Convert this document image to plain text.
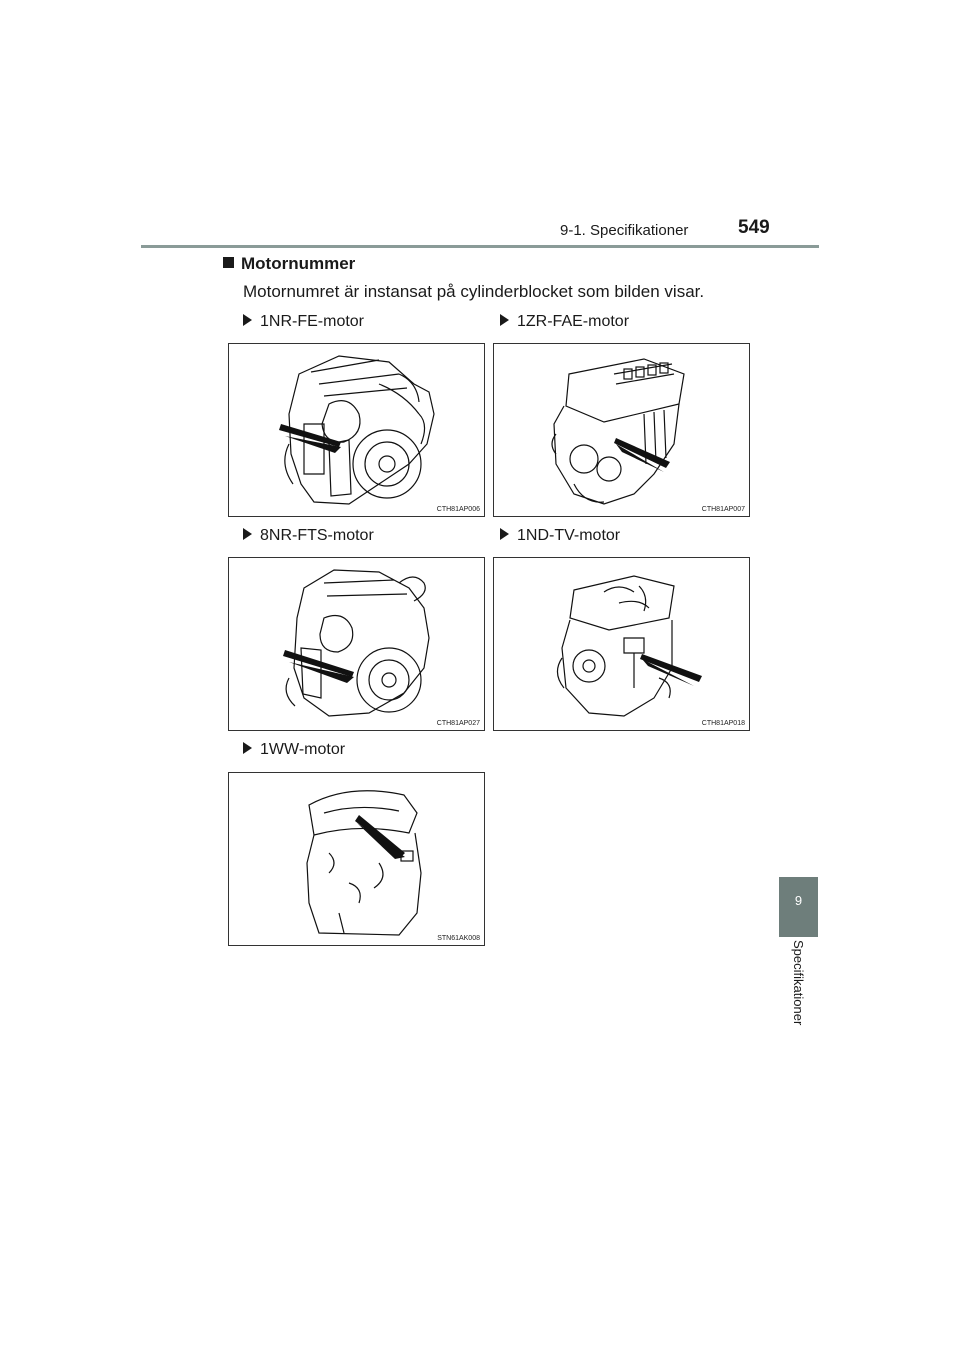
9-1. Specifikationer	549
Motornummer
Motornumret är instansat på cylinderblocket som bilden visar.
1NR-FE-motor	1ZR-FAE-motor
8NR-FTS-motor	1ND-TV-motor
1WW-motor
CTH81AP006	CTH81AP007
CTH81AP027	CTH81AP018
STN61AK008
9
Specifikationer
